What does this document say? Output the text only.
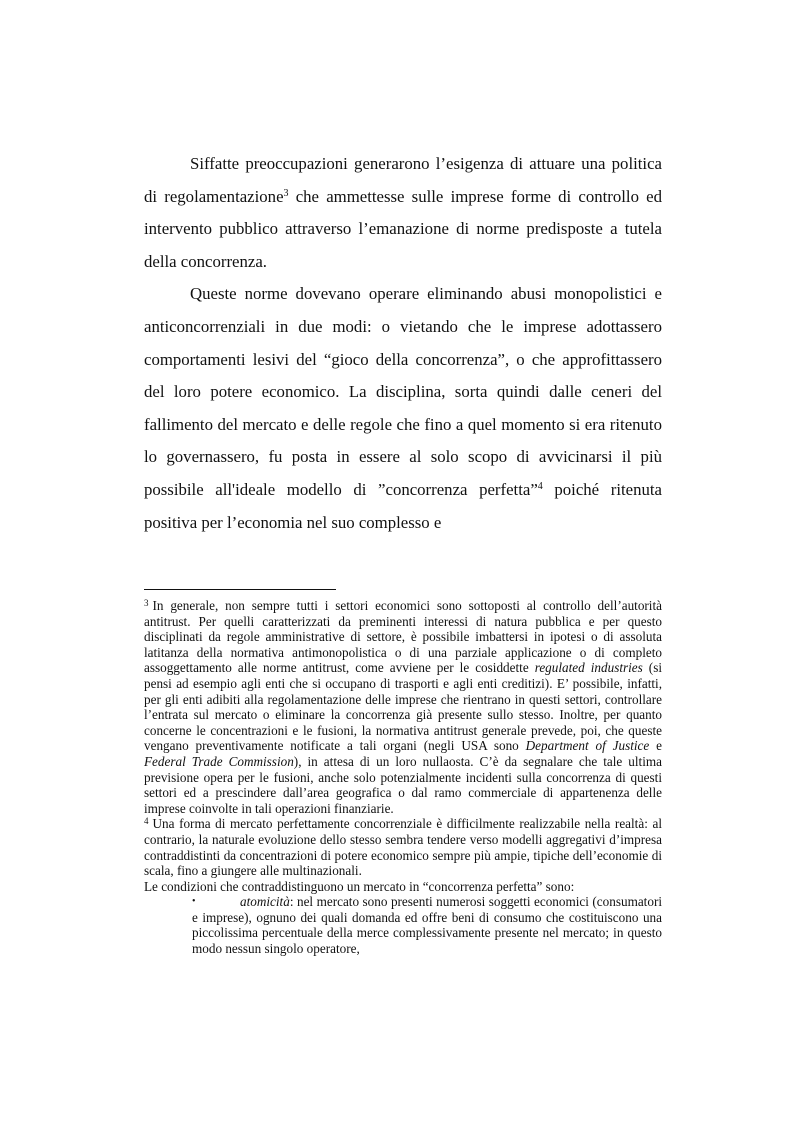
Siffatte preoccupazioni generarono l’esigenza di attuare una politica di regolamentazione$^3$ che ammettesse sulle imprese forme di controllo ed intervento pubblico attraverso l’emanazione di norme predisposte a tutela della concorrenza.

Queste norme dovevano operare eliminando abusi monopolistici e anticoncorrenziali in due modi: o vietando che le imprese adottassero comportamenti lesivi del “gioco della concorrenza”, o che approfittassero del loro potere economico. La disciplina, sorta quindi dalle ceneri del fallimento del mercato e delle regole che fino a quel momento si era ritenuto lo governassero, fu posta in essere al solo scopo di avvicinarsi il più possibile all'ideale modello di ”concorrenza perfetta”$^4$ poiché ritenuta positiva per l’economia nel suo complesso e

$^3$ In generale, non sempre tutti i settori economici sono sottoposti al controllo dell’autorità antitrust. Per quelli caratterizzati da preminenti interessi di natura pubblica e per questo disciplinati da regole amministrative di settore, è possibile imbattersi in ipotesi o di assoluta latitanza della normativa antimonopolistica o di una parziale applicazione o di completo assoggettamento alle norme antitrust, come avviene per le cosiddette regulated industries (si pensi ad esempio agli enti che si occupano di trasporti e agli enti creditizi). E’ possibile, infatti, per gli enti adibiti alla regolamentazione delle imprese che rientrano in questi settori, controllare l’entrata sul mercato o eliminare la concorrenza già presente sullo stesso. Inoltre, per quanto concerne le concentrazioni e le fusioni, la normativa antitrust generale prevede, poi, che queste vengano preventivamente notificate a tali organi (negli USA sono Department of Justice e Federal Trade Commission), in attesa di un loro nullaosta. C’è da segnalare che tale ultima previsione opera per le fusioni, anche solo potenzialmente incidenti sulla concorrenza di questi settori ed a prescindere dall’area geografica o dal ramo commerciale di appartenenza delle imprese coinvolte in tali operazioni finanziarie.

$^4$ Una forma di mercato perfettamente concorrenziale è difficilmente realizzabile nella realtà: al contrario, la naturale evoluzione dello stesso sembra tendere verso modelli aggregativi d’impresa contraddistinti da concentrazioni di potere economico sempre più ampie, tipiche dell’economie di scala, fino a giungere alle multinazionali.

Le condizioni che contraddistinguono un mercato in “concorrenza perfetta” sono:

•	atomicità: nel mercato sono presenti numerosi soggetti economici (consumatori e imprese), ognuno dei quali domanda ed offre beni di consumo che costituiscono una piccolissima percentuale della merce complessivamente presente nel mercato; in questo modo nessun singolo operatore,
